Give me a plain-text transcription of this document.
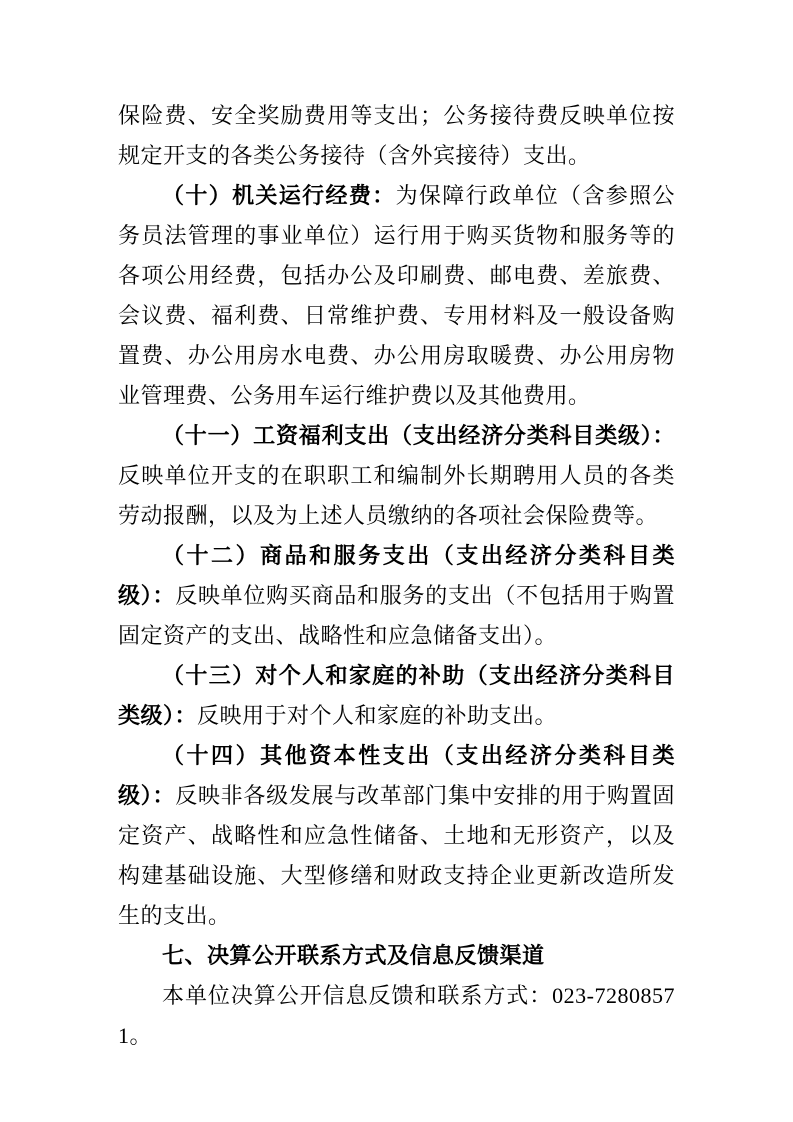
保险费、安全奖励费用等支出；公务接待费反映单位按规定开支的各类公务接待（含外宾接待）支出。

（十）机关运行经费：为保障行政单位（含参照公务员法管理的事业单位）运行用于购买货物和服务等的各项公用经费，包括办公及印刷费、邮电费、差旅费、会议费、福利费、日常维护费、专用材料及一般设备购置费、办公用房水电费、办公用房取暖费、办公用房物业管理费、公务用车运行维护费以及其他费用。

（十一）工资福利支出（支出经济分类科目类级）：反映单位开支的在职职工和编制外长期聘用人员的各类劳动报酬，以及为上述人员缴纳的各项社会保险费等。

（十二）商品和服务支出（支出经济分类科目类级）：反映单位购买商品和服务的支出（不包括用于购置固定资产的支出、战略性和应急储备支出）。

（十三）对个人和家庭的补助（支出经济分类科目类级）：反映用于对个人和家庭的补助支出。

（十四）其他资本性支出（支出经济分类科目类级）：反映非各级发展与改革部门集中安排的用于购置固定资产、战略性和应急性储备、土地和无形资产，以及构建基础设施、大型修缮和财政支持企业更新改造所发生的支出。

七、决算公开联系方式及信息反馈渠道

本单位决算公开信息反馈和联系方式：023-72808571。
